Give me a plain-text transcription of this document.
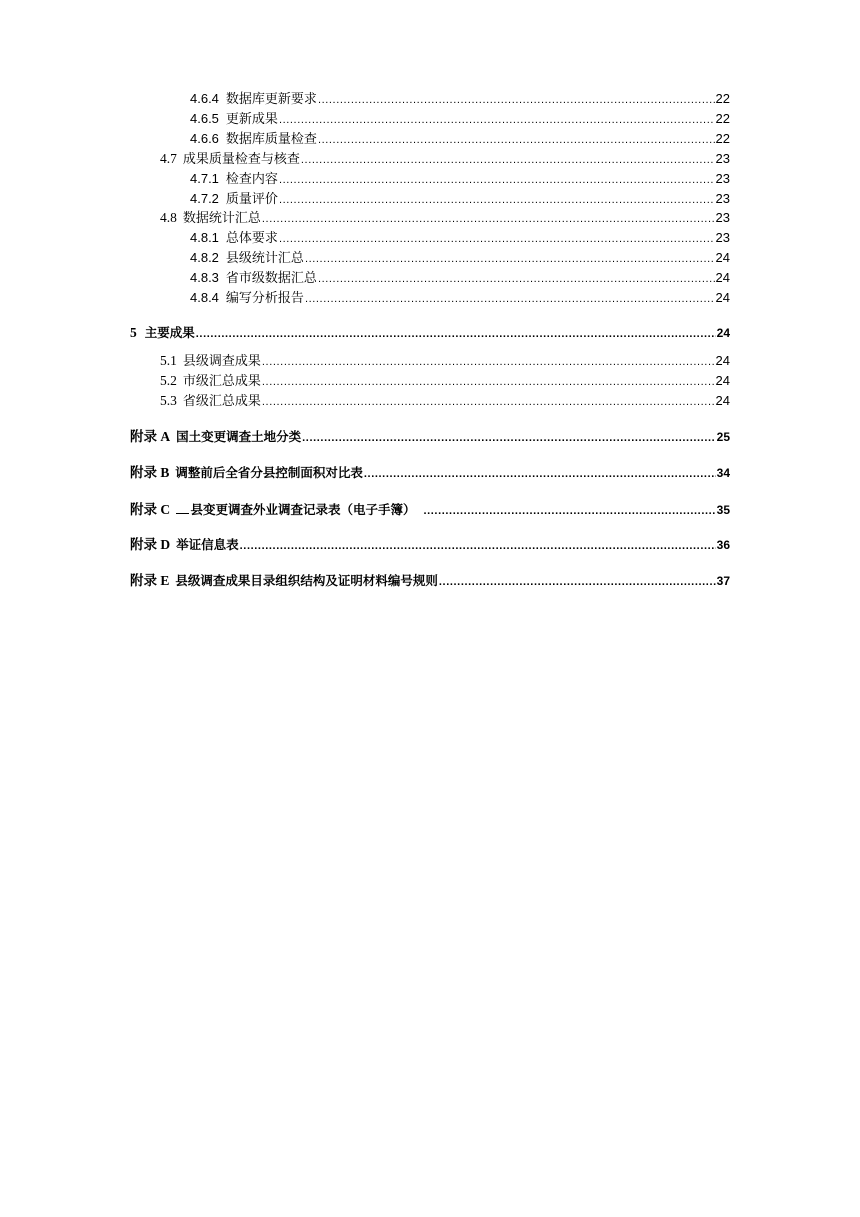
4.6.4 数据库更新要求 .....	22
4.6.5 更新成果 .....	22
4.6.6 数据库质量检查 .....	22
4.7 成果质量检查与核查 .....	23
4.7.1 检查内容 .....	23
4.7.2 质量评价 .....	23
4.8 数据统计汇总 .....	23
4.8.1 总体要求 .....	23
4.8.2 县级统计汇总 .....	24
4.8.3 省市级数据汇总 .....	24
4.8.4 编写分析报告 .....	24
5 主要成果 .....	24
5.1 县级调查成果 .....	24
5.2 市级汇总成果 .....	24
5.3 省级汇总成果 .....	24
附录 A 国土变更调查土地分类 .....	25
附录 B 调整前后全省分县控制面积对比表 .....	34
附录 C 县变更调查外业调查记录表（电子手簿） .....	35
附录 D 举证信息表 .....	36
附录 E 县级调查成果目录组织结构及证明材料编号规则 .....	37
